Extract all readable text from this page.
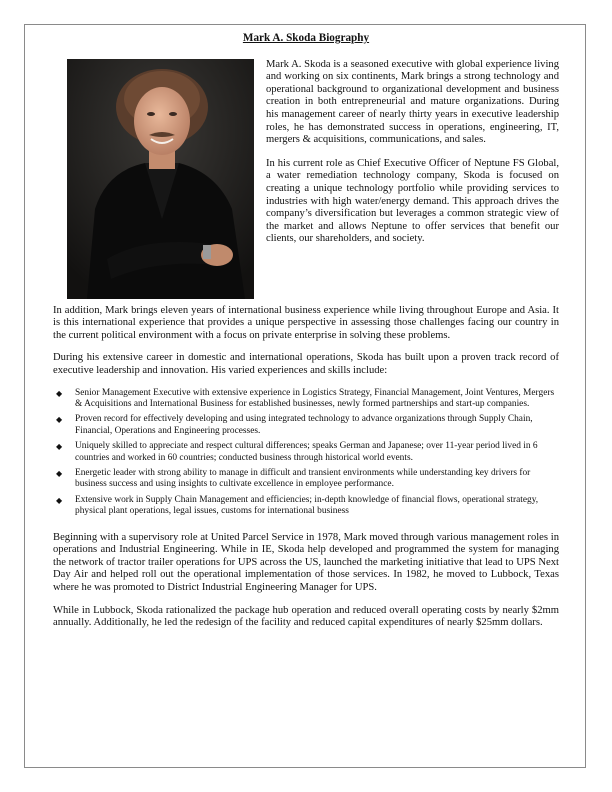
Mark A. Skoda Biography

Mark A. Skoda is a seasoned executive with global experience living and working on six continents, Mark brings a strong technology and operational background to organizational development and business creation in both entrepreneurial and mature organizations. During his management career of nearly thirty years in executive leadership roles, he has demonstrated success in operations, engineering, IT, mergers & acquisitions, communications, and sales.

In his current role as Chief Executive Officer of Neptune FS Global, a water remediation technology company, Skoda is focused on creating a unique technology portfolio while providing services to industries with high water/energy demand. This approach drives the company’s diversification but leverages a common strategic view of the market and allows Neptune to offer services that benefit our clients, our shareholders, and society.

In addition, Mark brings eleven years of international business experience while living throughout Europe and Asia. It is this international experience that provides a unique perspective in assessing those challenges facing our country in the current political environment with a focus on private enterprise in solving these problems.

During his extensive career in domestic and international operations, Skoda has built upon a proven track record of executive leadership and innovation. His varied experiences and skills include:

◆ Senior Management Executive with extensive experience in Logistics Strategy, Financial Management, Joint Ventures, Mergers & Acquisitions and International Business for established businesses, newly formed partnerships and start-up companies.
◆ Proven record for effectively developing and using integrated technology to advance organizations through Supply Chain, Financial, Operations and Engineering processes.
◆ Uniquely skilled to appreciate and respect cultural differences; speaks German and Japanese; over 11-year period lived in 6 countries and worked in 60 countries; conducted business through historical world events.
◆ Energetic leader with strong ability to manage in difficult and transient environments while understanding key drivers for business success and using insights to cultivate excellence in employee performance.
◆ Extensive work in Supply Chain Management and efficiencies; in-depth knowledge of financial flows, operational strategy, physical plant operations, legal issues, customs for international business

Beginning with a supervisory role at United Parcel Service in 1978, Mark moved through various management roles in operations and Industrial Engineering. While in IE, Skoda help developed and programmed the system for managing the network of tractor trailer operations for UPS across the US, launched the marketing initiative that lead to UPS Next Day Air and helped roll out the operational implementation of those services. In 1982, he moved to Lubbock, Texas where he was promoted to District Industrial Engineering Manager for UPS.

While in Lubbock, Skoda rationalized the package hub operation and reduced overall operating costs by nearly $2mm annually. Additionally, he led the redesign of the facility and reduced capital expenditures of nearly $25mm dollars.
